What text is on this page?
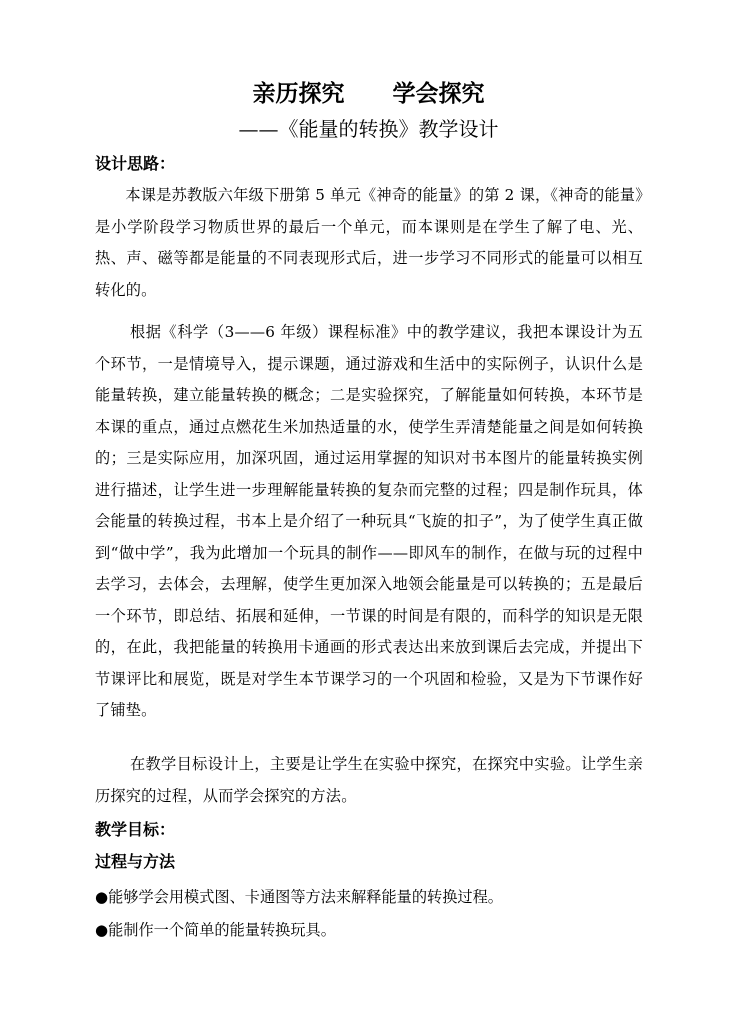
亲历探究      学会探究
——《能量的转换》教学设计
设计思路：
本课是苏教版六年级下册第 5 单元《神奇的能量》的第 2 课，《神奇的能量》是小学阶段学习物质世界的最后一个单元，而本课则是在学生了解了电、光、热、声、磁等都是能量的不同表现形式后，进一步学习不同形式的能量可以相互转化的。
根据《科学（3——6 年级）课程标准》中的教学建议，我把本课设计为五个环节，一是情境导入，提示课题，通过游戏和生活中的实际例子，认识什么是能量转换，建立能量转换的概念；二是实验探究，了解能量如何转换，本环节是本课的重点，通过点燃花生米加热适量的水，使学生弄清楚能量之间是如何转换的；三是实际应用，加深巩固，通过运用掌握的知识对书本图片的能量转换实例进行描述，让学生进一步理解能量转换的复杂而完整的过程；四是制作玩具，体会能量的转换过程，书本上是介绍了一种玩具“飞旋的扣子”，为了使学生真正做到“做中学”，我为此增加一个玩具的制作——即风车的制作，在做与玩的过程中去学习，去体会，去理解，使学生更加深入地领会能量是可以转换的；五是最后一个环节，即总结、拓展和延伸，一节课的时间是有限的，而科学的知识是无限的，在此，我把能量的转换用卡通画的形式表达出来放到课后去完成，并提出下节课评比和展览，既是对学生本节课学习的一个巩固和检验，又是为下节课作好了铺垫。
在教学目标设计上，主要是让学生在实验中探究，在探究中实验。让学生亲历探究的过程，从而学会探究的方法。
教学目标：
过程与方法
●能够学会用模式图、卡通图等方法来解释能量的转换过程。
●能制作一个简单的能量转换玩具。
